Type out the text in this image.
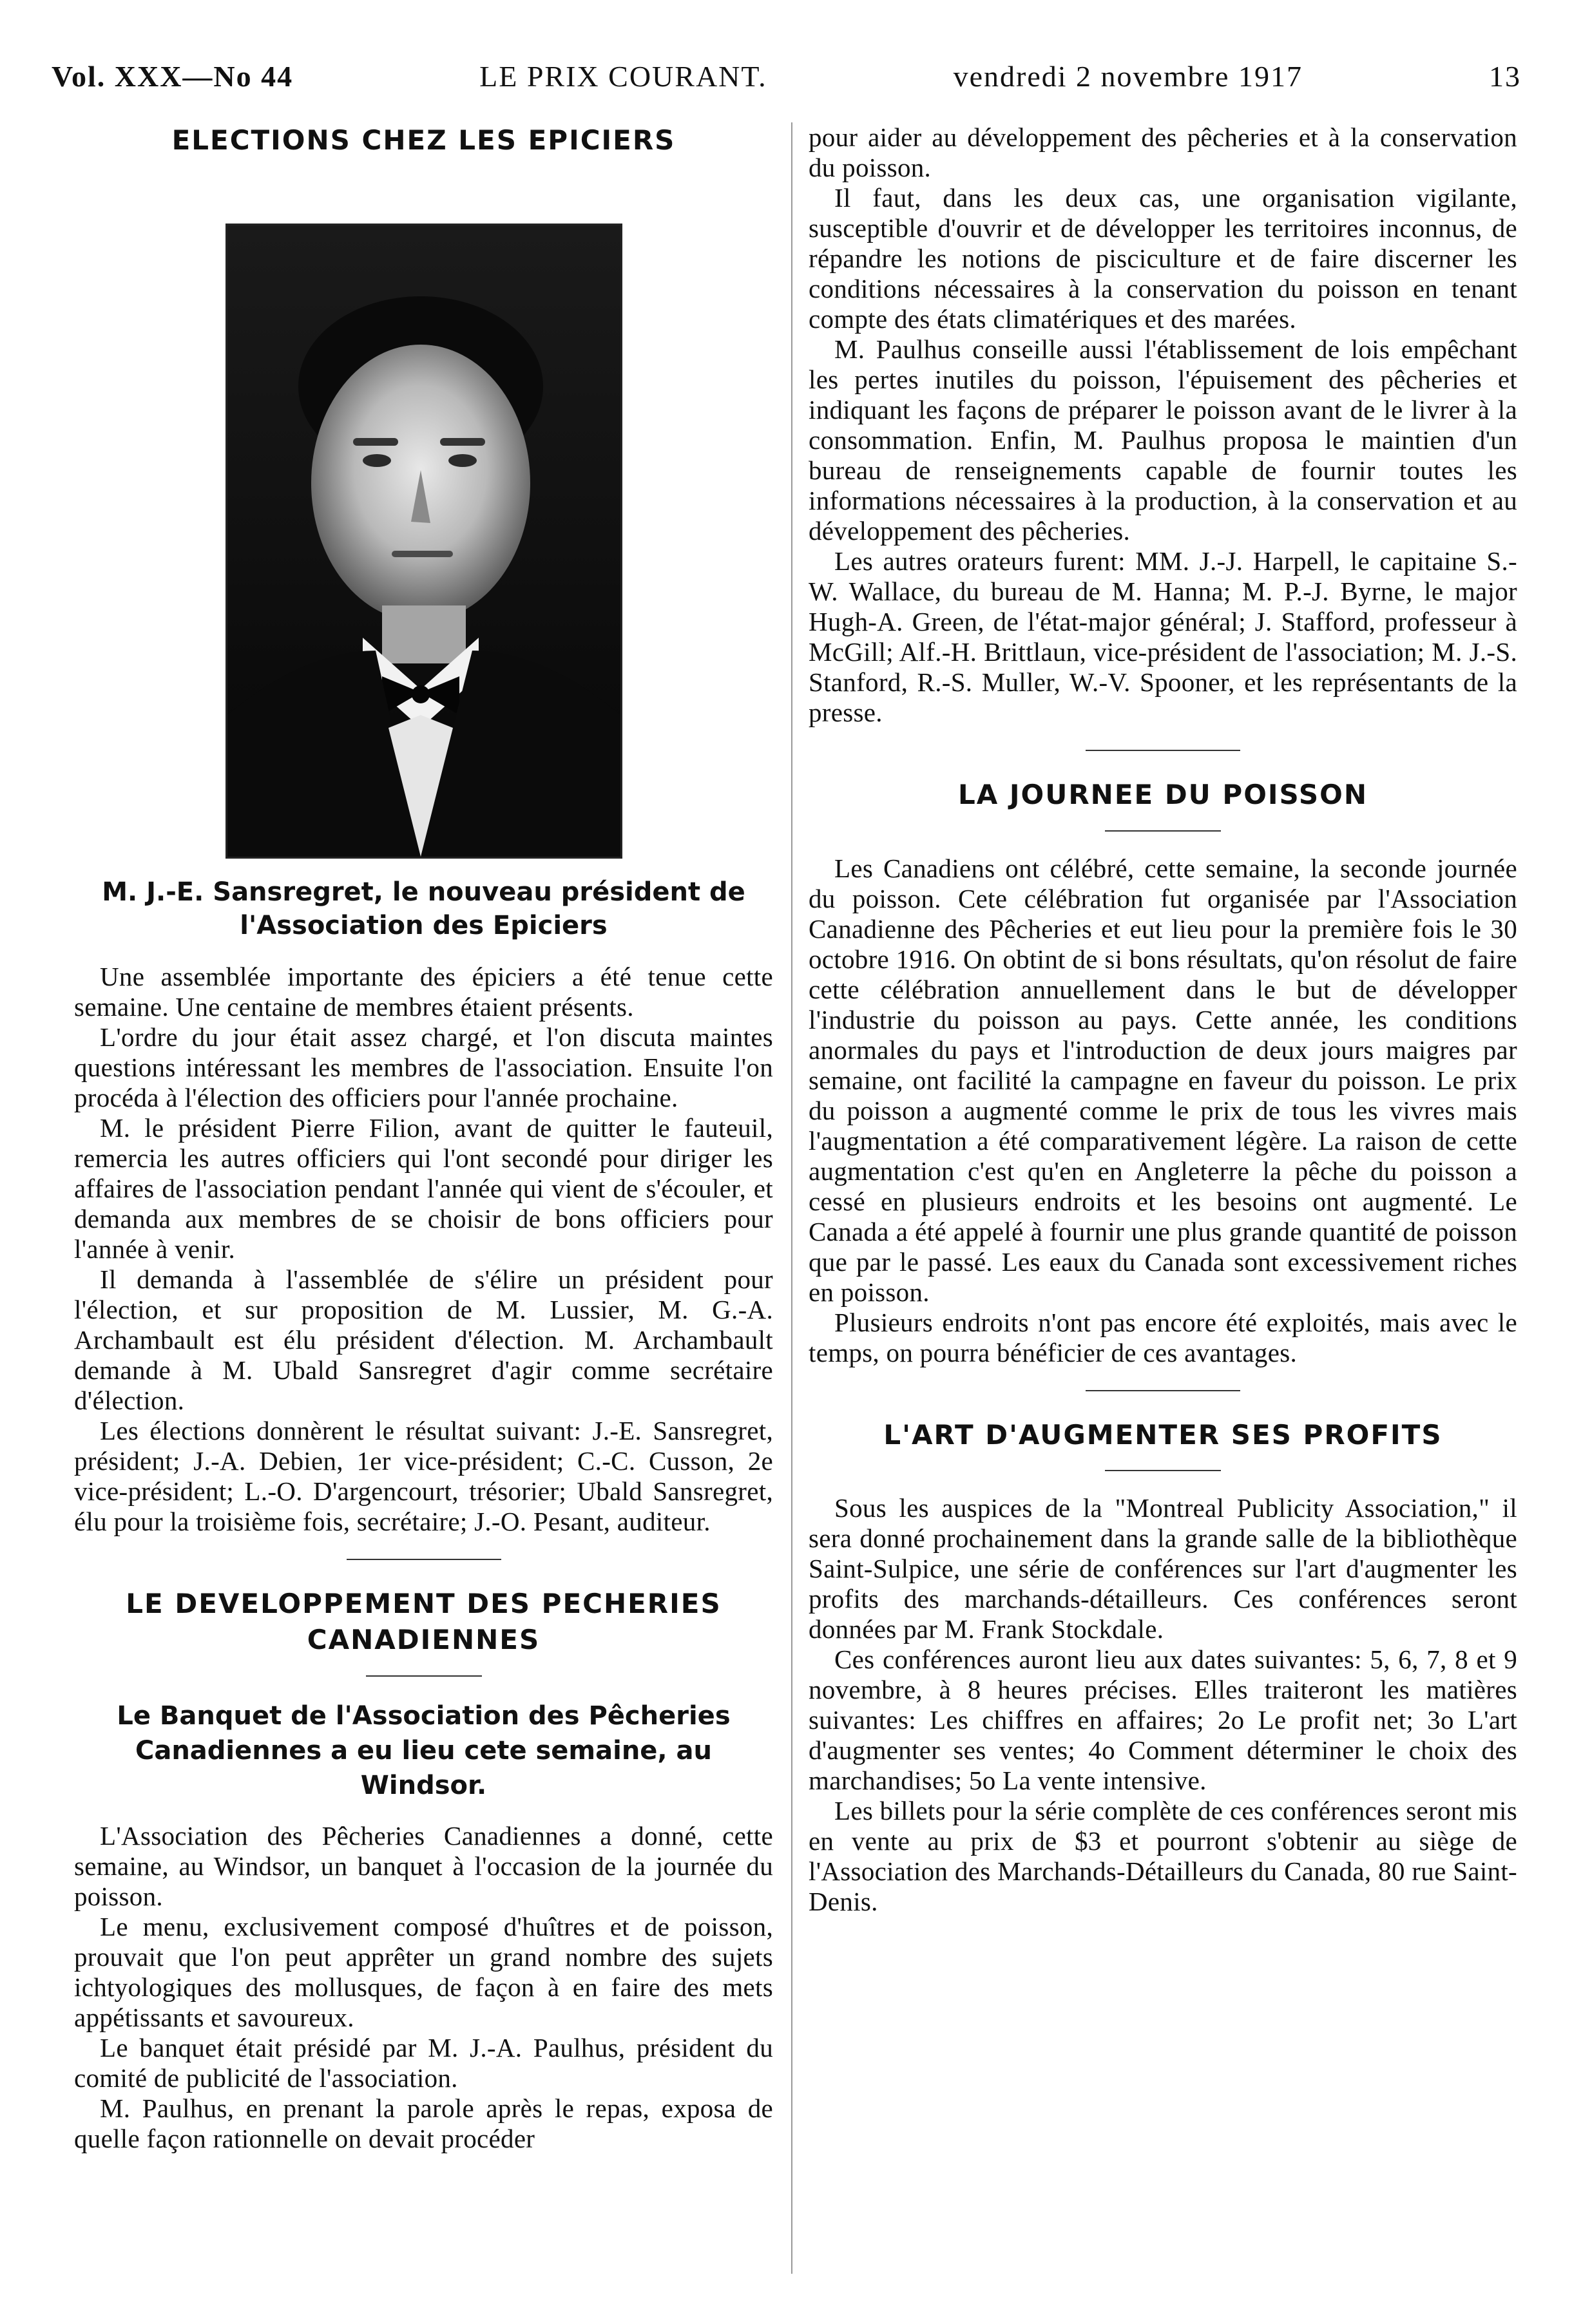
Vol. XXX—No 44	LE PRIX COURANT.	vendredi 2 novembre 1917	13
ELECTIONS CHEZ LES EPICIERS
M. J.-E. Sansregret, le nouveau président de l'Association des Epiciers

Une assemblée importante des épiciers a été tenue cette semaine. Une centaine de membres étaient présents.

L'ordre du jour était assez chargé, et l'on discuta maintes questions intéressant les membres de l'association. Ensuite l'on procéda à l'élection des officiers pour l'année prochaine.

M. le président Pierre Filion, avant de quitter le fauteuil, remercia les autres officiers qui l'ont secondé pour diriger les affaires de l'association pendant l'année qui vient de s'écouler, et demanda aux membres de se choisir de bons officiers pour l'année à venir.

Il demanda à l'assemblée de s'élire un président pour l'élection, et sur proposition de M. Lussier, M. G.-A. Archambault est élu président d'élection. M. Archambault demande à M. Ubald Sansregret d'agir comme secrétaire d'élection.

Les élections donnèrent le résultat suivant: J.-E. Sansregret, président; J.-A. Debien, 1er vice-président; C.-C. Cusson, 2e vice-président; L.-O. D'argencourt, trésorier; Ubald Sansregret, élu pour la troisième fois, secrétaire; J.-O. Pesant, auditeur.

LE DEVELOPPEMENT DES PECHERIES CANADIENNES
Le Banquet de l'Association des Pêcheries Canadiennes a eu lieu cete semaine, au Windsor.

L'Association des Pêcheries Canadiennes a donné, cette semaine, au Windsor, un banquet à l'occasion de la journée du poisson.

Le menu, exclusivement composé d'huîtres et de poisson, prouvait que l'on peut apprêter un grand nombre des sujets ichtyologiques des mollusques, de façon à en faire des mets appétissants et savoureux.

Le banquet était présidé par M. J.-A. Paulhus, président du comité de publicité de l'association.

M. Paulhus, en prenant la parole après le repas, exposa de quelle façon rationnelle on devait procéder

pour aider au développement des pêcheries et à la conservation du poisson.

Il faut, dans les deux cas, une organisation vigilante, susceptible d'ouvrir et de développer les territoires inconnus, de répandre les notions de pisciculture et de faire discerner les conditions nécessaires à la conservation du poisson en tenant compte des états climatériques et des marées.

M. Paulhus conseille aussi l'établissement de lois empêchant les pertes inutiles du poisson, l'épuisement des pêcheries et indiquant les façons de préparer le poisson avant de le livrer à la consommation. Enfin, M. Paulhus proposa le maintien d'un bureau de renseignements capable de fournir toutes les informations nécessaires à la production, à la conservation et au développement des pêcheries.

Les autres orateurs furent: MM. J.-J. Harpell, le capitaine S.-W. Wallace, du bureau de M. Hanna; M. P.-J. Byrne, le major Hugh-A. Green, de l'état-major général; J. Stafford, professeur à McGill; Alf.-H. Brittlaun, vice-président de l'association; M. J.-S. Stanford, R.-S. Muller, W.-V. Spooner, et les représentants de la presse.

LA JOURNEE DU POISSON

Les Canadiens ont célébré, cette semaine, la seconde journée du poisson. Cete célébration fut organisée par l'Association Canadienne des Pêcheries et eut lieu pour la première fois le 30 octobre 1916. On obtint de si bons résultats, qu'on résolut de faire cette célébration annuellement dans le but de développer l'industrie du poisson au pays. Cette année, les conditions anormales du pays et l'introduction de deux jours maigres par semaine, ont facilité la campagne en faveur du poisson. Le prix du poisson a augmenté comme le prix de tous les vivres mais l'augmentation a été comparativement légère. La raison de cette augmentation c'est qu'en en Angleterre la pêche du poisson a cessé en plusieurs endroits et les besoins ont augmenté. Le Canada a été appelé à fournir une plus grande quantité de poisson que par le passé. Les eaux du Canada sont excessivement riches en poisson.

Plusieurs endroits n'ont pas encore été exploités, mais avec le temps, on pourra bénéficier de ces avantages.

L'ART D'AUGMENTER SES PROFITS

Sous les auspices de la "Montreal Publicity Association," il sera donné prochainement dans la grande salle de la bibliothèque Saint-Sulpice, une série de conférences sur l'art d'augmenter les profits des marchands-détailleurs. Ces conférences seront données par M. Frank Stockdale.

Ces conférences auront lieu aux dates suivantes: 5, 6, 7, 8 et 9 novembre, à 8 heures précises. Elles traiteront les matières suivantes: Les chiffres en affaires; 2o Le profit net; 3o L'art d'augmenter ses ventes; 4o Comment déterminer le choix des marchandises; 5o La vente intensive.

Les billets pour la série complète de ces conférences seront mis en vente au prix de $3 et pourront s'obtenir au siège de l'Association des Marchands-Détailleurs du Canada, 80 rue Saint-Denis.
